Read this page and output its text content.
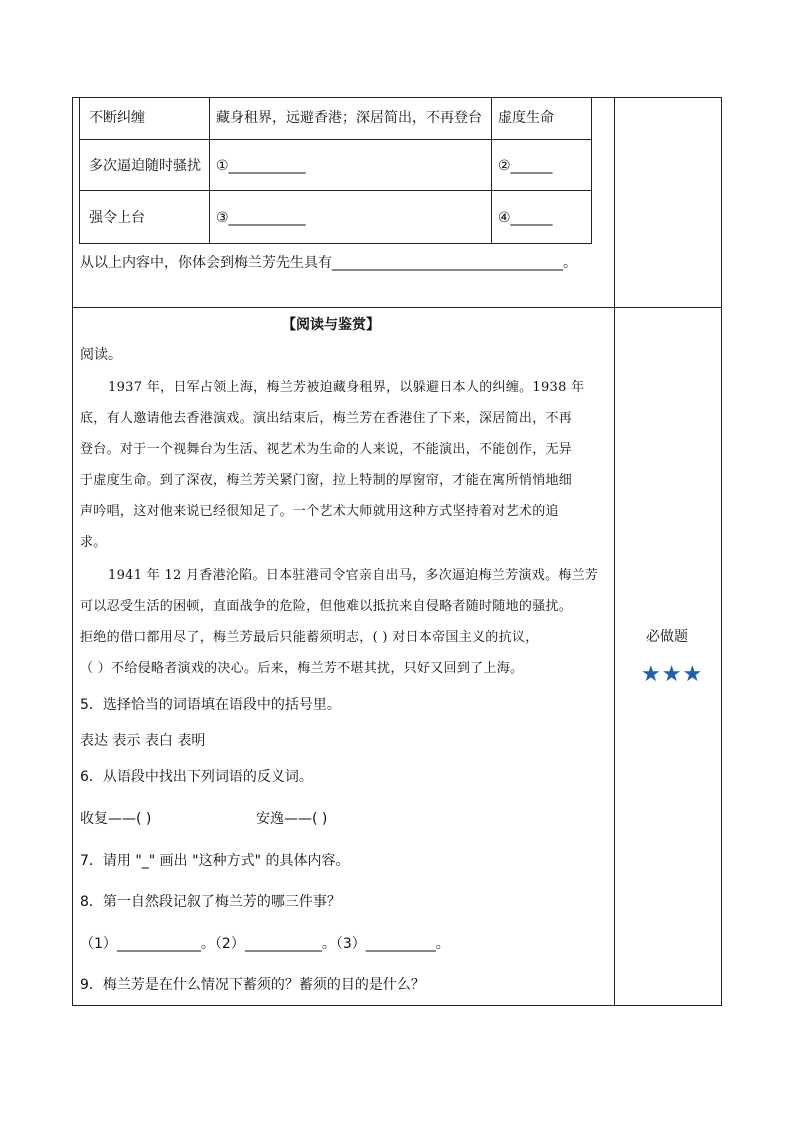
不断纠缠	藏身租界，远避香港；深居简出，不再登台 虚度生命
多次逼迫随时骚扰 ①___________	②______
强令上台	③___________	④______
从以上内容中，你体会到梅兰芳先生具有_________________________________。
【阅读与鉴赏】
阅读。
1937 年，日军占领上海，梅兰芳被迫藏身租界，以躲避日本人的纠缠。1938 年
底，有人邀请他去香港演戏。演出结束后，梅兰芳在香港住了下来，深居简出，不再
登台。对于一个视舞台为生活、视艺术为生命的人来说，不能演出，不能创作，无异
于虚度生命。到了深夜，梅兰芳关紧门窗，拉上特制的厚窗帘，才能在寓所悄悄地细
声吟唱，这对他来说已经很知足了。一个艺术大师就用这种方式坚持着对艺术的追
求。
1941 年 12 月香港沦陷。日本驻港司令官亲自出马，多次逼迫梅兰芳演戏。梅兰芳
可以忍受生活的困顿，直面战争的危险，但他难以抵抗来自侵略者随时随地的骚扰。
拒绝的借口都用尽了，梅兰芳最后只能蓄须明志，( ) 对日本帝国主义的抗议，
（ ）不给侵略者演戏的决心。后来，梅兰芳不堪其扰，只好又回到了上海。
5．选择恰当的词语填在语段中的括号里。
表达 表示 表白 表明
6．从语段中找出下列词语的反义词。
收复——( )	安逸——( )
7．请用 "_" 画出 "这种方式" 的具体内容。
8．第一自然段记叙了梅兰芳的哪三件事？
（1）____________。（2）___________。（3）__________。
9．梅兰芳是在什么情况下蓄须的？蓄须的目的是什么？
必做题
★★★
